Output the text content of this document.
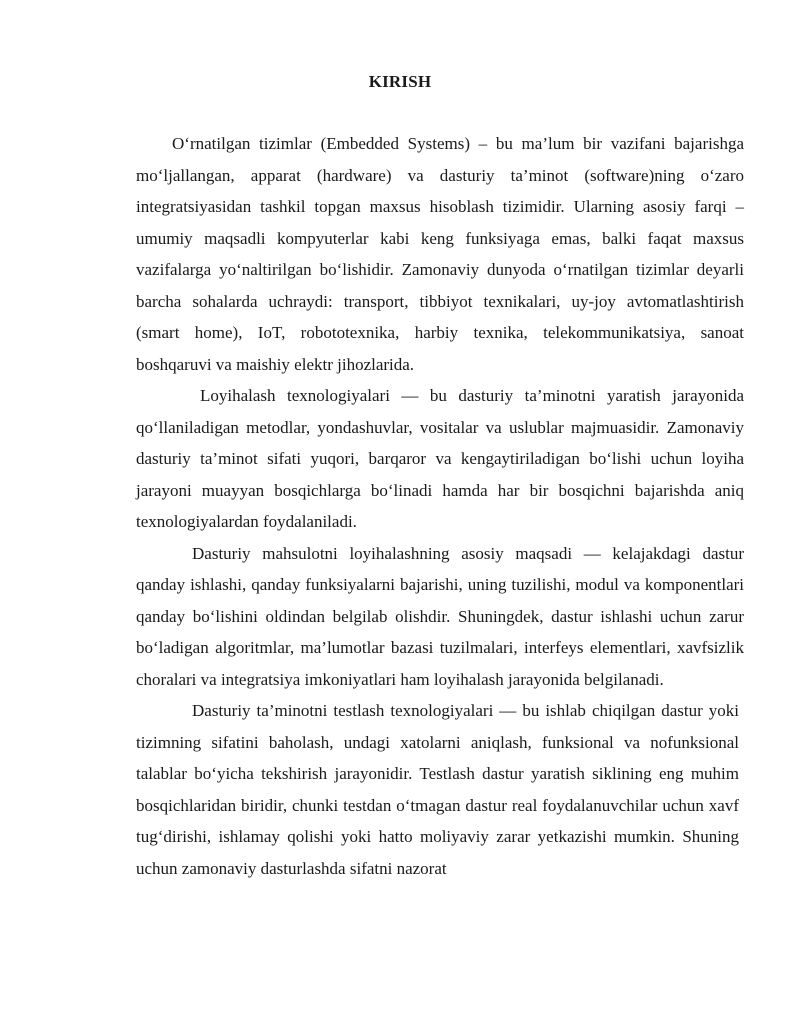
KIRISH

O‘rnatilgan tizimlar (Embedded Systems) – bu ma’lum bir vazifani bajarishga mo‘ljallangan, apparat (hardware) va dasturiy ta’minot (software)ning o‘zaro integratsiyasidan tashkil topgan maxsus hisoblash tizimidir. Ularning asosiy farqi – umumiy maqsadli kompyuterlar kabi keng funksiyaga emas, balki faqat maxsus vazifalarga yo‘naltirilgan bo‘lishidir. Zamonaviy dunyoda o‘rnatilgan tizimlar deyarli barcha sohalarda uchraydi: transport, tibbiyot texnikalari, uy-joy avtomatlashtirish (smart home), IoT, robototexnika, harbiy texnika, telekommunikatsiya, sanoat boshqaruvi va maishiy elektr jihozlarida.

Loyihalash texnologiyalari — bu dasturiy ta’minotni yaratish jarayonida qo‘llaniladigan metodlar, yondashuvlar, vositalar va uslublar majmuasidir. Zamonaviy dasturiy ta’minot sifati yuqori, barqaror va kengaytiriladigan bo‘lishi uchun loyiha jarayoni muayyan bosqichlarga bo‘linadi hamda har bir bosqichni bajarishda aniq texnologiyalardan foydalaniladi.

Dasturiy mahsulotni loyihalashning asosiy maqsadi — kelajakdagi dastur qanday ishlashi, qanday funksiyalarni bajarishi, uning tuzilishi, modul va komponentlari qanday bo‘lishini oldindan belgilab olishdir. Shuningdek, dastur ishlashi uchun zarur bo‘ladigan algoritmlar, ma’lumotlar bazasi tuzilmalari, interfeys elementlari, xavfsizlik choralari va integratsiya imkoniyatlari ham loyihalash jarayonida belgilanadi.

Dasturiy ta’minotni testlash texnologiyalari — bu ishlab chiqilgan dastur yoki tizimning sifatini baholash, undagi xatolarni aniqlash, funksional va nofunksional talablar bo‘yicha tekshirish jarayonidir. Testlash dastur yaratish siklining eng muhim bosqichlaridan biridir, chunki testdan o‘tmagan dastur real foydalanuvchilar uchun xavf tug‘dirishi, ishlamay qolishi yoki hatto moliyaviy zarar yetkazishi mumkin. Shuning uchun zamonaviy dasturlashda sifatni nazorat
